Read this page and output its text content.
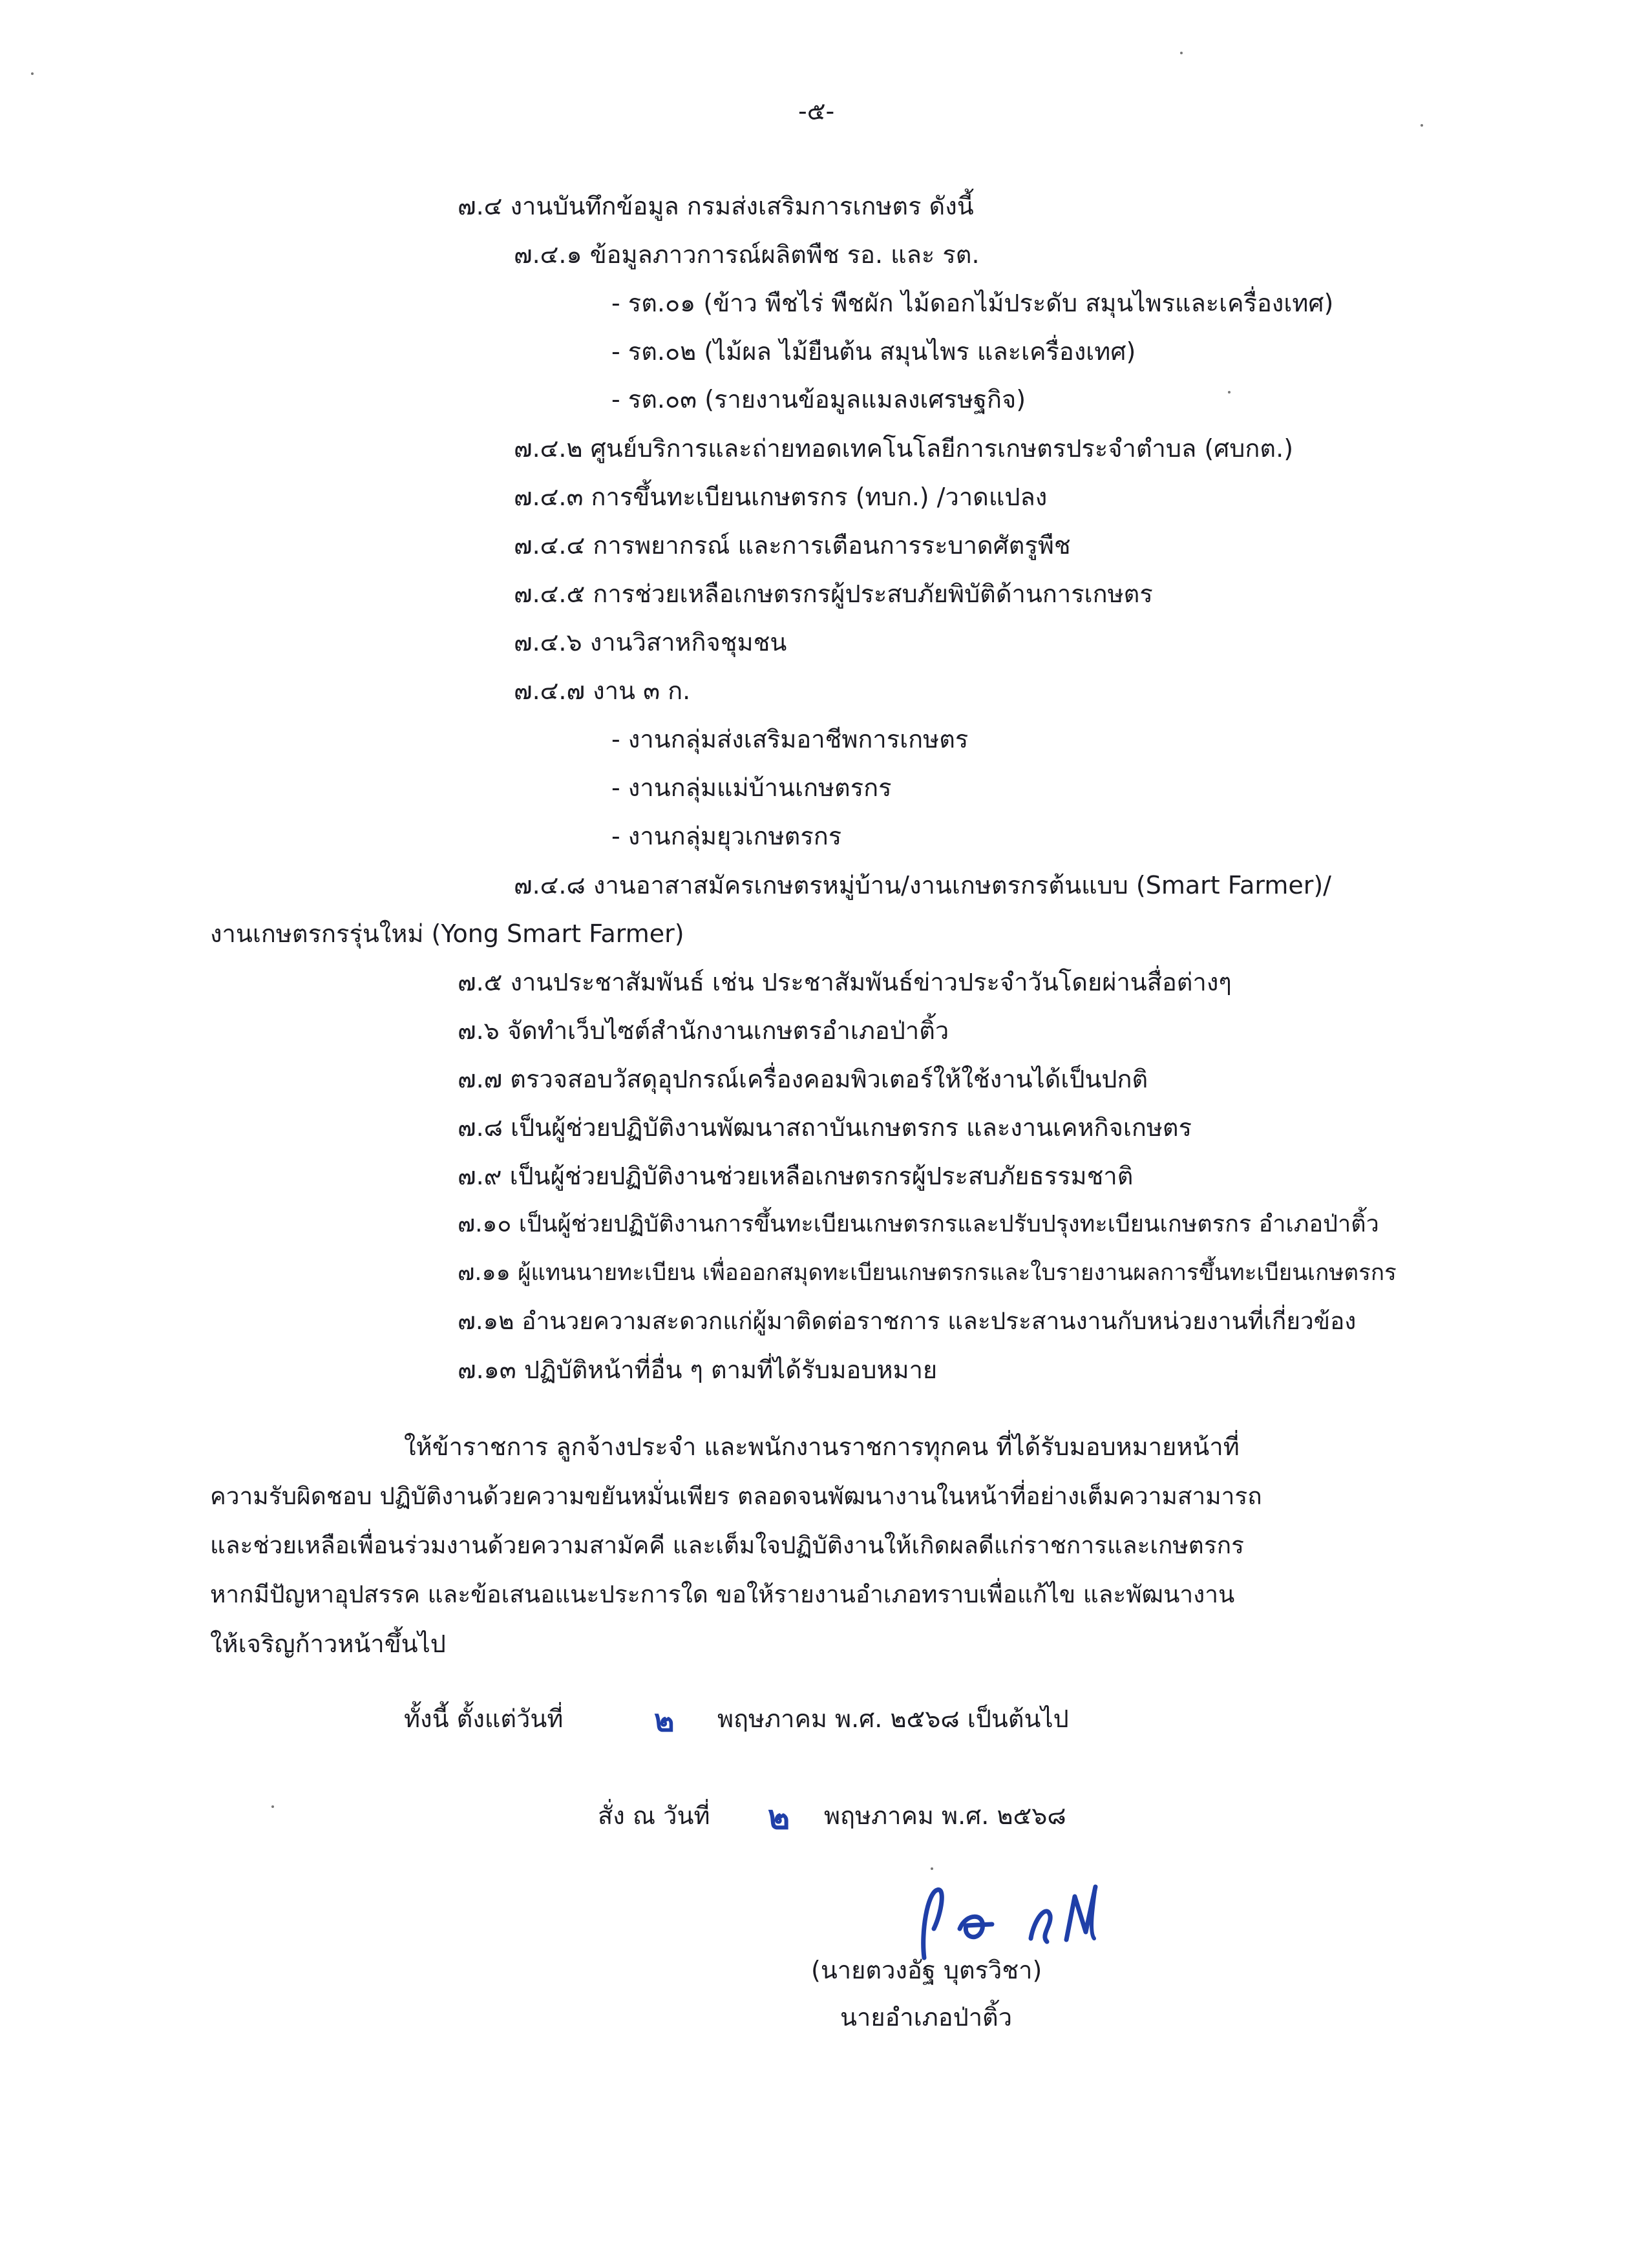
-๕-
๗.๔ งานบันทึกข้อมูล กรมส่งเสริมการเกษตร ดังนี้
๗.๔.๑ ข้อมูลภาวการณ์ผลิตพืช รอ. และ รต.
- รต.๐๑ (ข้าว พืชไร่ พืชผัก ไม้ดอกไม้ประดับ สมุนไพรและเครื่องเทศ)
- รต.๐๒ (ไม้ผล ไม้ยืนต้น สมุนไพร และเครื่องเทศ)
- รต.๐๓ (รายงานข้อมูลแมลงเศรษฐกิจ)
๗.๔.๒ ศูนย์บริการและถ่ายทอดเทคโนโลยีการเกษตรประจำตำบล (ศบกต.)
๗.๔.๓ การขึ้นทะเบียนเกษตรกร (ทบก.) /วาดแปลง
๗.๔.๔ การพยากรณ์ และการเตือนการระบาดศัตรูพืช
๗.๔.๕ การช่วยเหลือเกษตรกรผู้ประสบภัยพิบัติด้านการเกษตร
๗.๔.๖ งานวิสาหกิจชุมชน
๗.๔.๗ งาน ๓ ก.
- งานกลุ่มส่งเสริมอาชีพการเกษตร
- งานกลุ่มแม่บ้านเกษตรกร
- งานกลุ่มยุวเกษตรกร
๗.๔.๘ งานอาสาสมัครเกษตรหมู่บ้าน/งานเกษตรกรต้นแบบ (Smart Farmer)/
งานเกษตรกรรุ่นใหม่ (Yong Smart Farmer)
๗.๕ งานประชาสัมพันธ์ เช่น ประชาสัมพันธ์ข่าวประจำวันโดยผ่านสื่อต่างๆ
๗.๖ จัดทำเว็บไซต์สำนักงานเกษตรอำเภอป่าติ้ว
๗.๗ ตรวจสอบวัสดุอุปกรณ์เครื่องคอมพิวเตอร์ให้ใช้งานได้เป็นปกติ
๗.๘ เป็นผู้ช่วยปฏิบัติงานพัฒนาสถาบันเกษตรกร และงานเคหกิจเกษตร
๗.๙ เป็นผู้ช่วยปฏิบัติงานช่วยเหลือเกษตรกรผู้ประสบภัยธรรมชาติ
๗.๑๐ เป็นผู้ช่วยปฏิบัติงานการขึ้นทะเบียนเกษตรกรและปรับปรุงทะเบียนเกษตรกร อำเภอป่าติ้ว
๗.๑๑ ผู้แทนนายทะเบียน เพื่อออกสมุดทะเบียนเกษตรกรและใบรายงานผลการขึ้นทะเบียนเกษตรกร
๗.๑๒ อำนวยความสะดวกแก่ผู้มาติดต่อราชการ และประสานงานกับหน่วยงานที่เกี่ยวข้อง
๗.๑๓ ปฏิบัติหน้าที่อื่น ๆ ตามที่ได้รับมอบหมาย
ให้ข้าราชการ ลูกจ้างประจำ และพนักงานราชการทุกคน ที่ได้รับมอบหมายหน้าที่
ความรับผิดชอบ ปฏิบัติงานด้วยความขยันหมั่นเพียร ตลอดจนพัฒนางานในหน้าที่อย่างเต็มความสามารถ
และช่วยเหลือเพื่อนร่วมงานด้วยความสามัคคี และเต็มใจปฏิบัติงานให้เกิดผลดีแก่ราชการและเกษตรกร
หากมีปัญหาอุปสรรค และข้อเสนอแนะประการใด ขอให้รายงานอำเภอทราบเพื่อแก้ไข และพัฒนางาน
ให้เจริญก้าวหน้าขึ้นไป
ทั้งนี้ ตั้งแต่วันที่	๒ พฤษภาคม พ.ศ. ๒๕๖๘ เป็นต้นไป
สั่ง ณ วันที่ ๒ พฤษภาคม พ.ศ. ๒๕๖๘
(นายตวงอัฐ บุตรวิชา)
นายอำเภอป่าติ้ว
